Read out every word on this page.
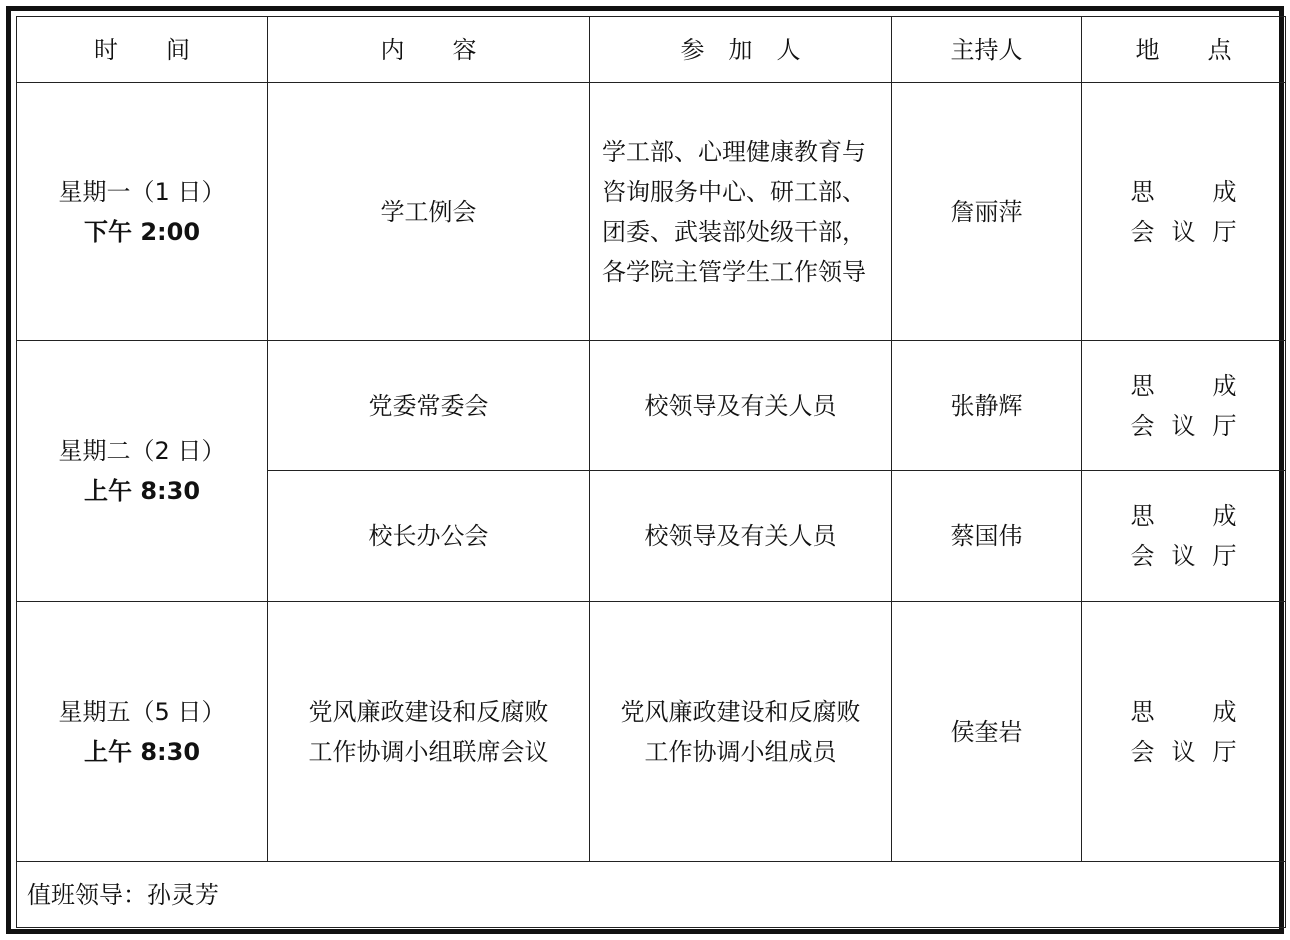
时　　间	内　　容	参　加　人	主持人	地　　点

星期一（1 日）
下午 2:00	学工例会	学工部、心理健康教育与咨询服务中心、研工部、团委、武装部处级干部，各学院主管学生工作领导	詹丽萍	思　成
会议厅

星期二（2 日）
上午 8:30	党委常委会	校领导及有关人员	张静辉	思　成
会议厅

	校长办公会	校领导及有关人员	蔡国伟	思　成
会议厅

星期五（5 日）
上午 8:30	党风廉政建设和反腐败
工作协调小组联席会议	党风廉政建设和反腐败
工作协调小组成员	侯奎岩	思　成
会议厅

值班领导：孙灵芳				
